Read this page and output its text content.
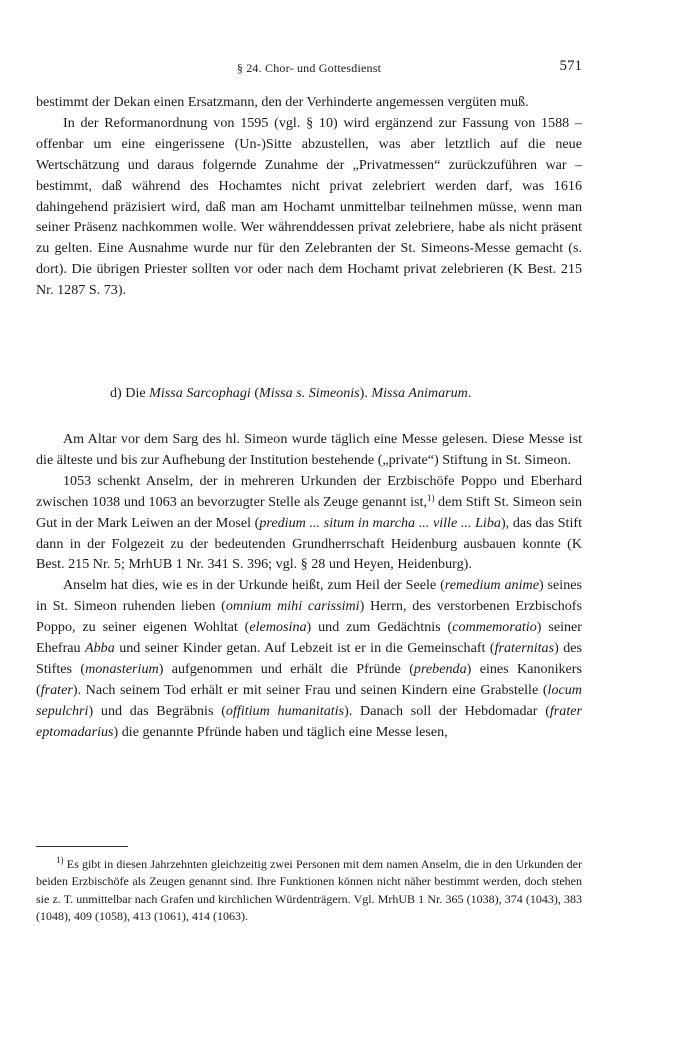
§ 24. Chor- und Gottesdienst	571

bestimmt der Dekan einen Ersatzmann, den der Verhinderte angemessen vergüten muß.

In der Reformanordnung von 1595 (vgl. § 10) wird ergänzend zur Fassung von 1588 – offenbar um eine eingerissene (Un-)Sitte abzustellen, was aber letztlich auf die neue Wertschätzung und daraus folgernde Zunahme der „Privatmessen“ zurückzuführen war – bestimmt, daß während des Hochamtes nicht privat zelebriert werden darf, was 1616 dahingehend präzisiert wird, daß man am Hochamt unmittelbar teilnehmen müsse, wenn man seiner Präsenz nachkommen wolle. Wer währenddessen privat zelebriere, habe als nicht präsent zu gelten. Eine Ausnahme wurde nur für den Zelebranten der St. Simeons-Messe gemacht (s. dort). Die übrigen Priester sollten vor oder nach dem Hochamt privat zelebrieren (K Best. 215 Nr. 1287 S. 73).

d) Die Missa Sarcophagi (Missa s. Simeonis). Missa Animarum.

Am Altar vor dem Sarg des hl. Simeon wurde täglich eine Messe gelesen. Diese Messe ist die älteste und bis zur Aufhebung der Institution bestehende („private“) Stiftung in St. Simeon.

1053 schenkt Anselm, der in mehreren Urkunden der Erzbischöfe Poppo und Eberhard zwischen 1038 und 1063 an bevorzugter Stelle als Zeuge genannt ist,$^{1)}$ dem Stift St. Simeon sein Gut in der Mark Leiwen an der Mosel (predium ... situm in marcha ... ville ... Liba), das das Stift dann in der Folgezeit zu der bedeutenden Grundherrschaft Heidenburg ausbauen konnte (K Best. 215 Nr. 5; MrhUB 1 Nr. 341 S. 396; vgl. § 28 und Heyen, Heidenburg).

Anselm hat dies, wie es in der Urkunde heißt, zum Heil der Seele (remedium anime) seines in St. Simeon ruhenden lieben (omnium mihi carissimi) Herrn, des verstorbenen Erzbischofs Poppo, zu seiner eigenen Wohltat (elemosina) und zum Gedächtnis (commemoratio) seiner Ehefrau Abba und seiner Kinder getan. Auf Lebzeit ist er in die Gemeinschaft (fraternitas) des Stiftes (monasterium) aufgenommen und erhält die Pfründe (prebenda) eines Kanonikers (frater). Nach seinem Tod erhält er mit seiner Frau und seinen Kindern eine Grabstelle (locum sepulchri) und das Begräbnis (offitium humanitatis). Danach soll der Hebdomadar (frater eptomadarius) die genannte Pfründe haben und täglich eine Messe lesen,

$^{1)}$ Es gibt in diesen Jahrzehnten gleichzeitig zwei Personen mit dem namen Anselm, die in den Urkunden der beiden Erzbischöfe als Zeugen genannt sind. Ihre Funktionen können nicht näher bestimmt werden, doch stehen sie z. T. unmittelbar nach Grafen und kirchlichen Würdenträgern. Vgl. MrhUB 1 Nr. 365 (1038), 374 (1043), 383 (1048), 409 (1058), 413 (1061), 414 (1063).
